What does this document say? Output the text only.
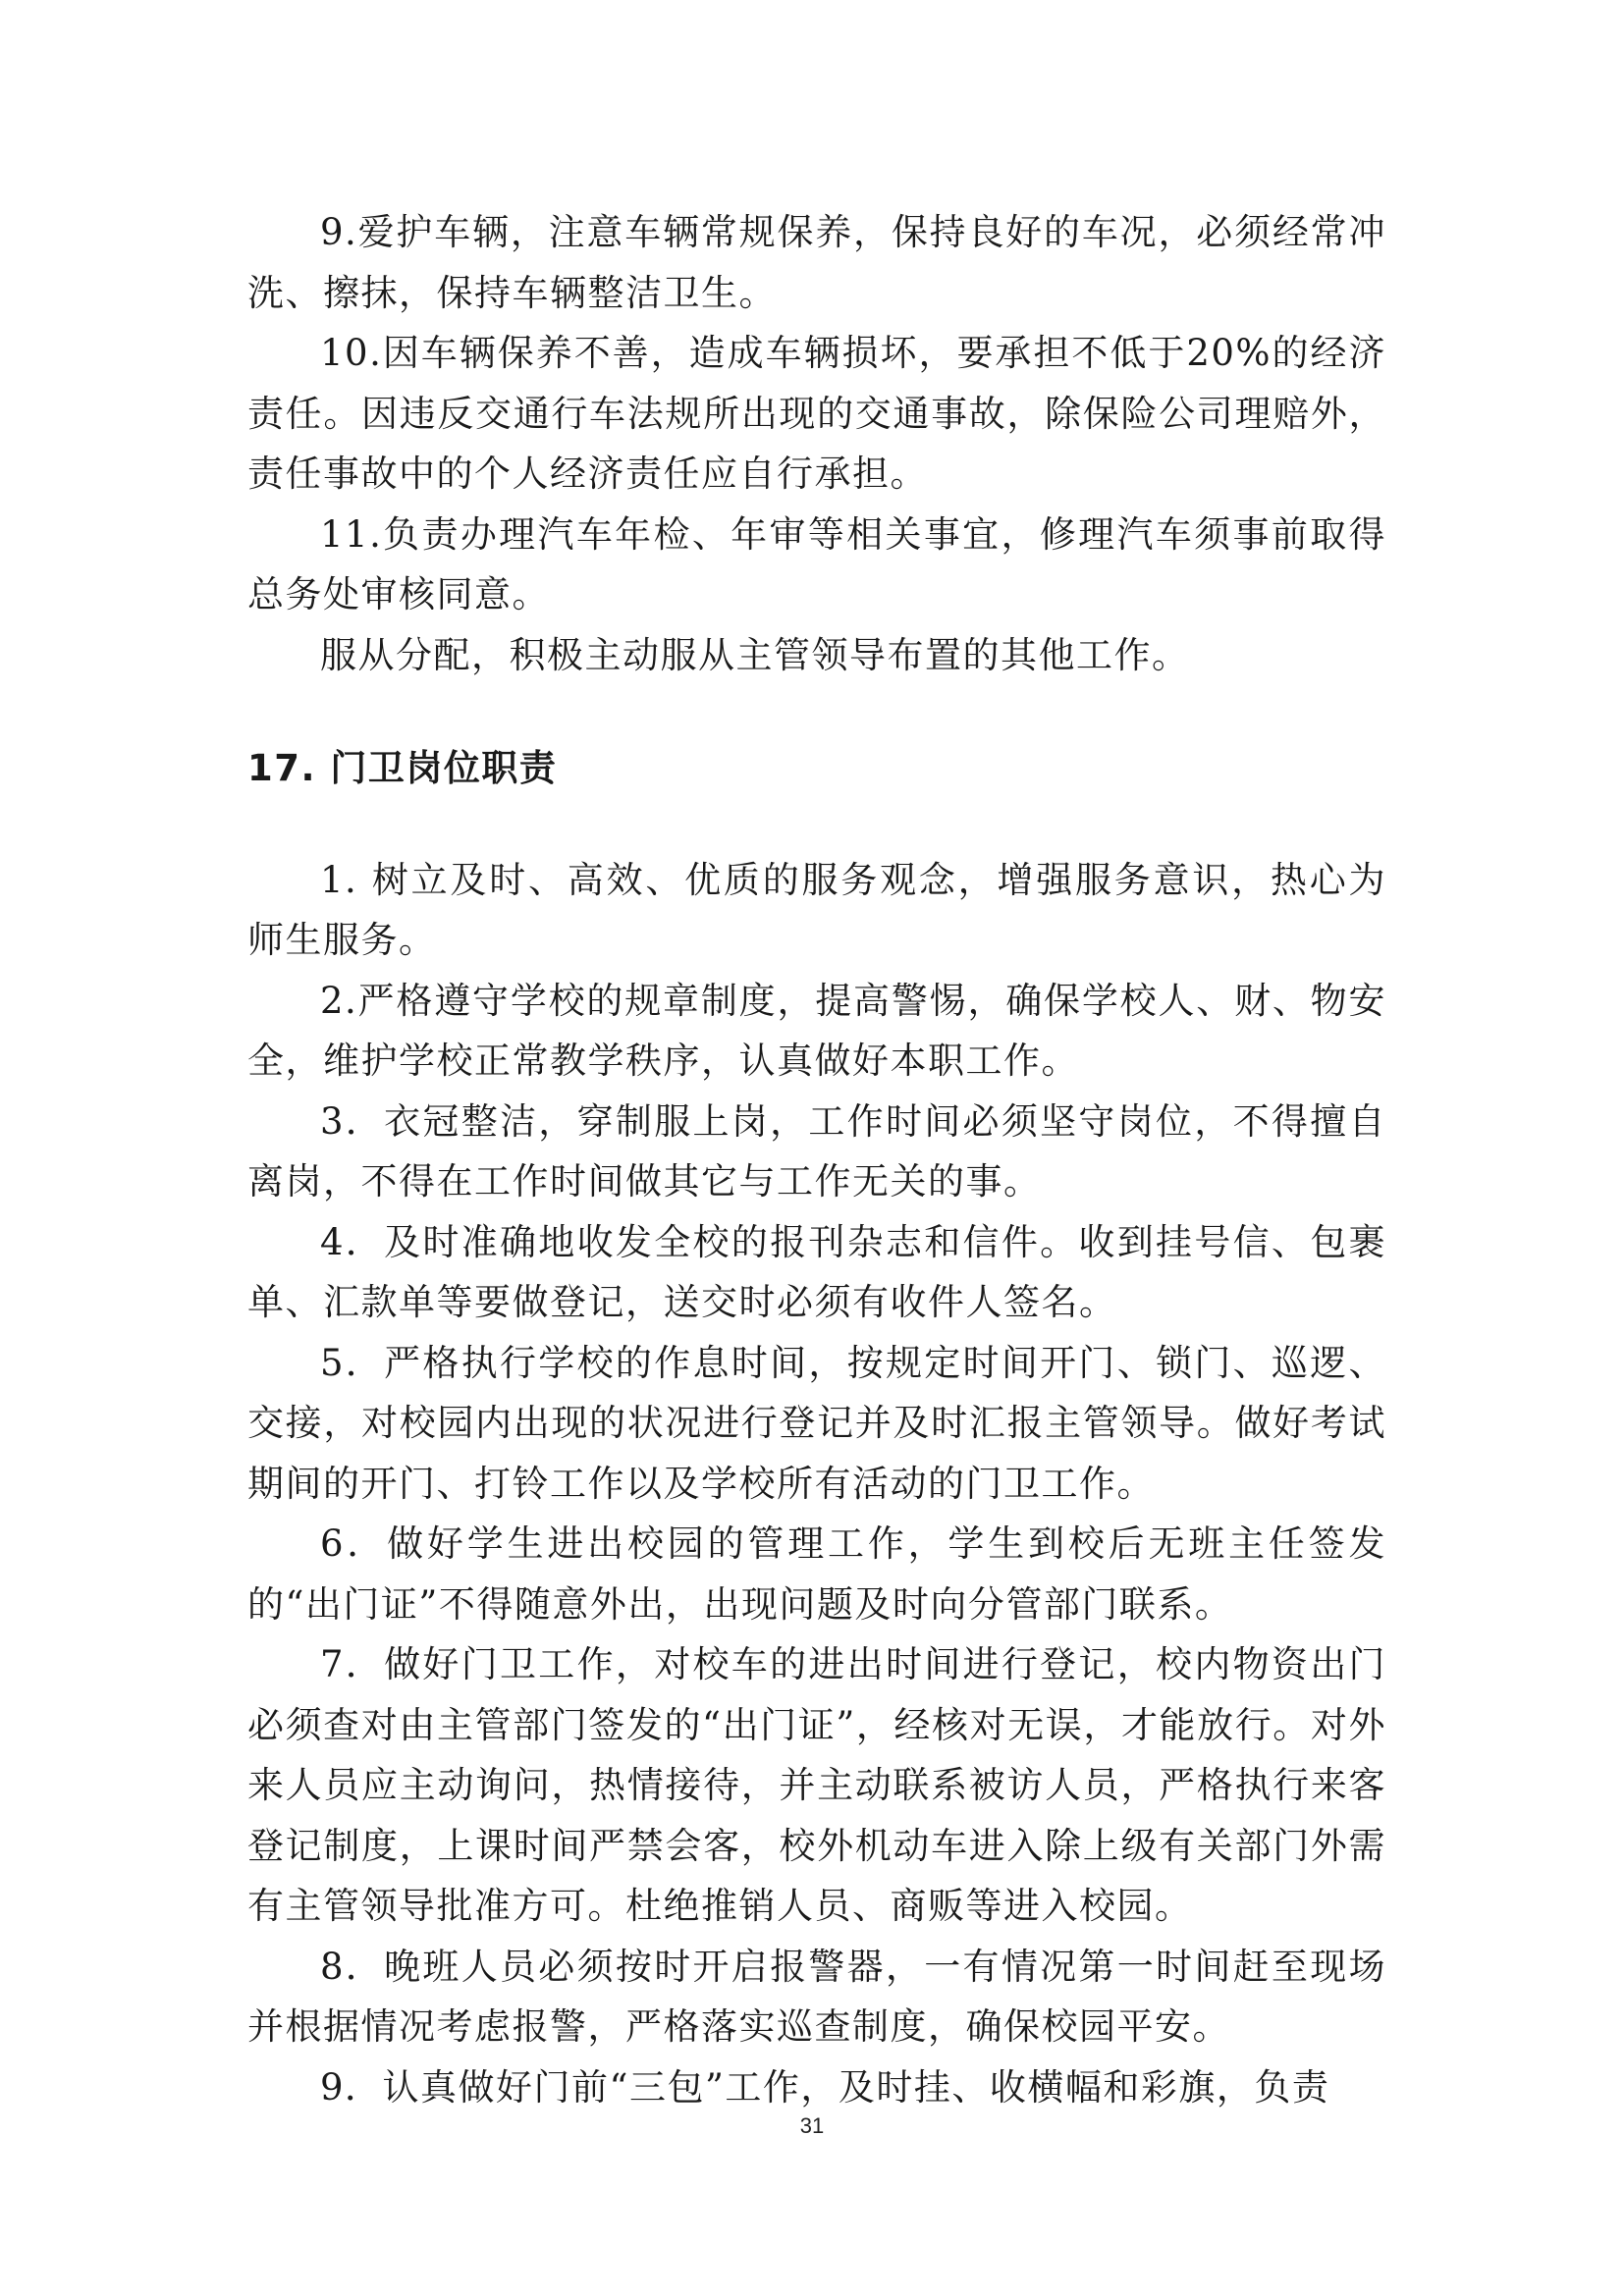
9.爱护车辆，注意车辆常规保养，保持良好的车况，必须经常冲洗、擦抹，保持车辆整洁卫生。

10.因车辆保养不善，造成车辆损坏，要承担不低于20%的经济责任。因违反交通行车法规所出现的交通事故，除保险公司理赔外，责任事故中的个人经济责任应自行承担。

11.负责办理汽车年检、年审等相关事宜，修理汽车须事前取得总务处审核同意。

服从分配，积极主动服从主管领导布置的其他工作。

17. 门卫岗位职责

1. 树立及时、高效、优质的服务观念，增强服务意识，热心为师生服务。

2.严格遵守学校的规章制度，提高警惕，确保学校人、财、物安全，维护学校正常教学秩序，认真做好本职工作。

3．衣冠整洁，穿制服上岗，工作时间必须坚守岗位，不得擅自离岗，不得在工作时间做其它与工作无关的事。

4．及时准确地收发全校的报刊杂志和信件。收到挂号信、包裹单、汇款单等要做登记，送交时必须有收件人签名。

5．严格执行学校的作息时间，按规定时间开门、锁门、巡逻、交接，对校园内出现的状况进行登记并及时汇报主管领导。做好考试期间的开门、打铃工作以及学校所有活动的门卫工作。

6．做好学生进出校园的管理工作，学生到校后无班主任签发的“出门证”不得随意外出，出现问题及时向分管部门联系。

7．做好门卫工作，对校车的进出时间进行登记，校内物资出门必须查对由主管部门签发的“出门证”，经核对无误，才能放行。对外来人员应主动询问，热情接待，并主动联系被访人员，严格执行来客登记制度，上课时间严禁会客，校外机动车进入除上级有关部门外需有主管领导批准方可。杜绝推销人员、商贩等进入校园。

8．晚班人员必须按时开启报警器，一有情况第一时间赶至现场并根据情况考虑报警，严格落实巡查制度，确保校园平安。

9．认真做好门前“三包”工作，及时挂、收横幅和彩旗，负责

31
